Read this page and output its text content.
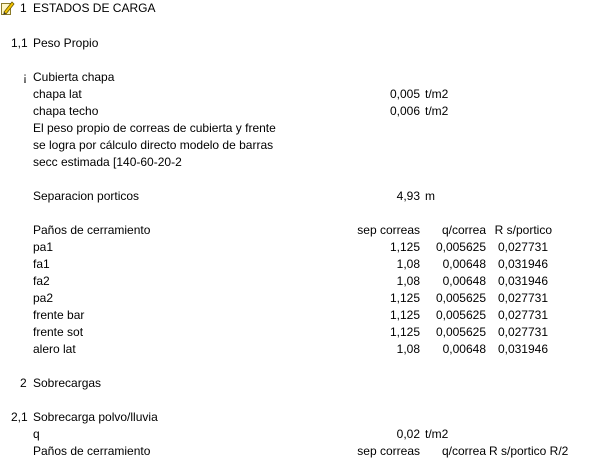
1 ESTADOS DE CARGA
1,1 Peso Propio
¡ Cubierta chapa
chapa lat	0,005 t/m2
chapa techo	0,006 t/m2
El peso propio de correas de cubierta y frente
se logra por cálculo directo modelo de barras
secc estimada [140-60-20-2
Separacion porticos	4,93 m
Paños de cerramiento	sep correas	q/correa R s/portico
pa1	1,125	0,005625 0,027731
fa1	1,08	0,00648 0,031946
fa2	1,08	0,00648 0,031946
pa2	1,125	0,005625 0,027731
frente bar	1,125	0,005625 0,027731
frente sot	1,125	0,005625 0,027731
alero lat	1,08	0,00648 0,031946
2 Sobrecargas
2,1 Sobrecarga polvo/lluvia
q	0,02 t/m2
Paños de cerramiento	sep correas	q/correa R s/portico R/2
